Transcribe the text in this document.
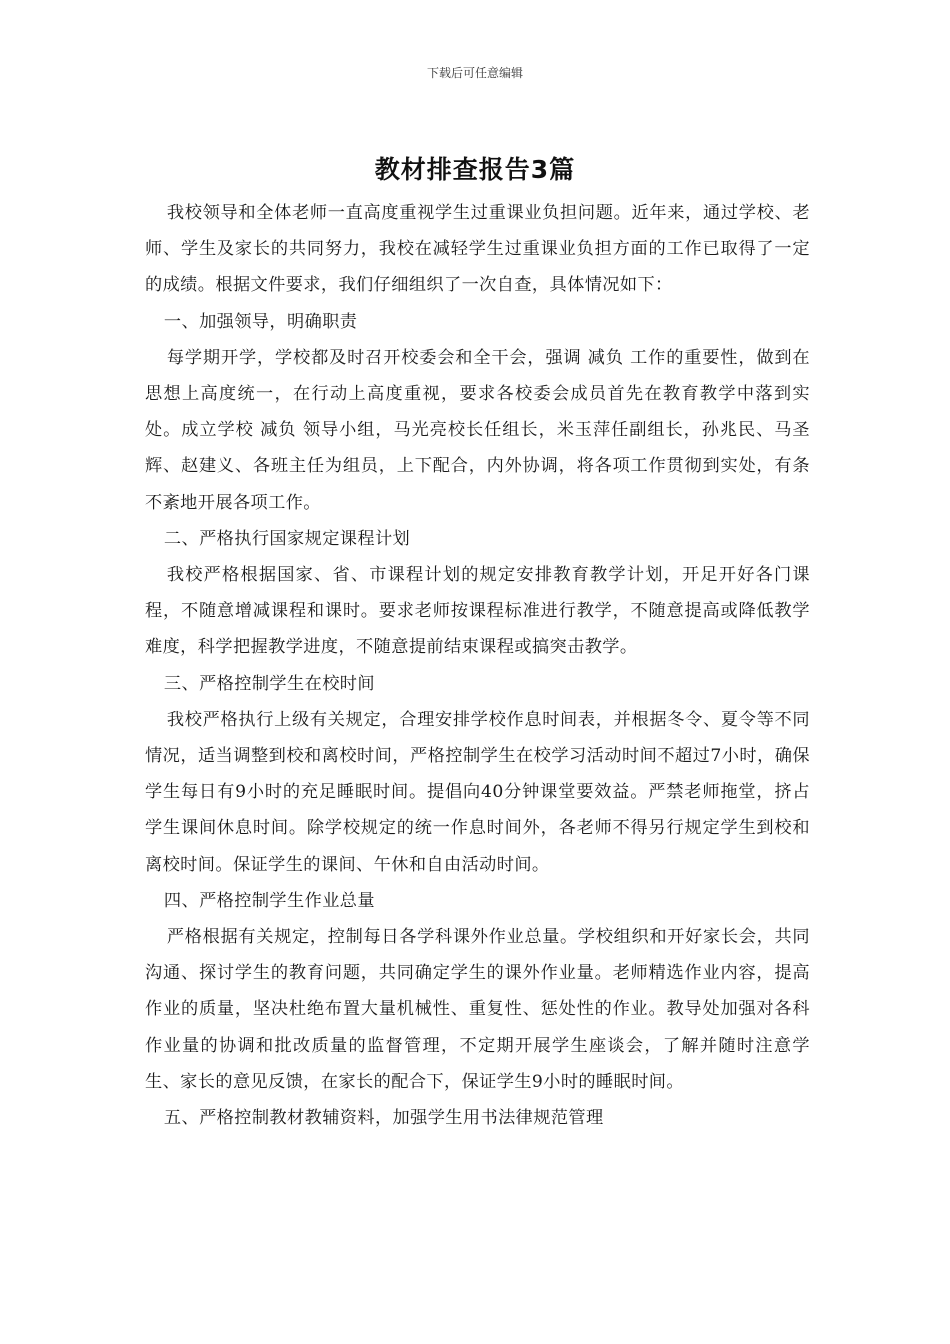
下载后可任意编辑
教材排查报告3篇

我校领导和全体老师一直高度重视学生过重课业负担问题。近年来，通过学校、老师、学生及家长的共同努力，我校在减轻学生过重课业负担方面的工作已取得了一定的成绩。根据文件要求，我们仔细组织了一次自查，具体情况如下：

一、加强领导，明确职责

每学期开学，学校都及时召开校委会和全干会，强调 减负 工作的重要性，做到在思想上高度统一，在行动上高度重视，要求各校委会成员首先在教育教学中落到实处。成立学校 减负 领导小组，马光亮校长任组长，米玉萍任副组长，孙兆民、马圣辉、赵建义、各班主任为组员，上下配合，内外协调，将各项工作贯彻到实处，有条不紊地开展各项工作。

二、严格执行国家规定课程计划

我校严格根据国家、省、市课程计划的规定安排教育教学计划，开足开好各门课程，不随意增减课程和课时。要求老师按课程标准进行教学，不随意提高或降低教学难度，科学把握教学进度，不随意提前结束课程或搞突击教学。

三、严格控制学生在校时间

我校严格执行上级有关规定，合理安排学校作息时间表，并根据冬令、夏令等不同情况，适当调整到校和离校时间，严格控制学生在校学习活动时间不超过7小时，确保学生每日有9小时的充足睡眠时间。提倡向40分钟课堂要效益。严禁老师拖堂，挤占学生课间休息时间。除学校规定的统一作息时间外，各老师不得另行规定学生到校和离校时间。保证学生的课间、午休和自由活动时间。

四、严格控制学生作业总量

严格根据有关规定，控制每日各学科课外作业总量。学校组织和开好家长会，共同沟通、探讨学生的教育问题，共同确定学生的课外作业量。老师精选作业内容，提高作业的质量，坚决杜绝布置大量机械性、重复性、惩处性的作业。教导处加强对各科作业量的协调和批改质量的监督管理，不定期开展学生座谈会，了解并随时注意学生、家长的意见反馈，在家长的配合下，保证学生9小时的睡眠时间。

五、严格控制教材教辅资料，加强学生用书法律规范管理
